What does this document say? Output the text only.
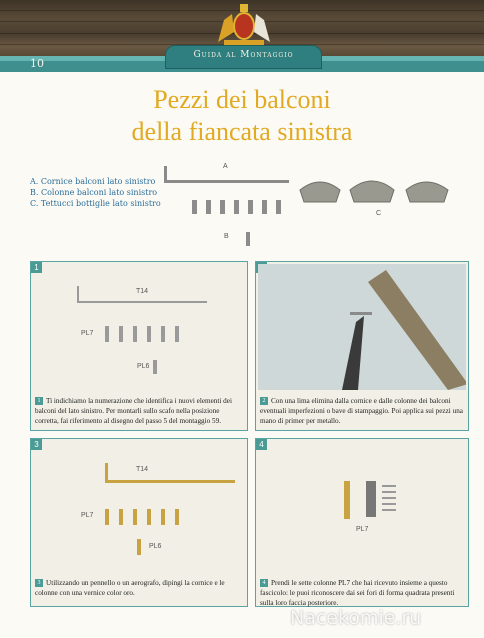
10
Guida al Montaggio
Pezzi dei balconi
della fiancata sinistra
A. Cornice balconi lato sinistro
B. Colonne balconi lato sinistro
C. Tettucci bottiglie lato sinistro
A
B
C
1
T14
PL7
PL6
1 Ti indichiamo la numerazione che identifica i nuovi elementi dei balconi del lato sinistro. Per montarli sullo scafo nella posizione corretta, fai riferimento al disegno del passo 5 del montaggio 59.
2
2 Con una lima elimina dalla cornice e dalle colonne dei balconi eventuali imperfezioni o bave di stampaggio. Poi applica sui pezzi una mano di primer per metallo.
3
T14
PL7
PL6
3 Utilizzando un pennello o un aerografo, dipingi la cornice e le colonne con una vernice color oro.
4
PL7
4 Prendi le sette colonne PL7 che hai ricevuto insieme a questo fascicolo: le puoi riconoscere dai sei fori di forma quadrata presenti sulla loro faccia posteriore.
Nacekomie.ru
